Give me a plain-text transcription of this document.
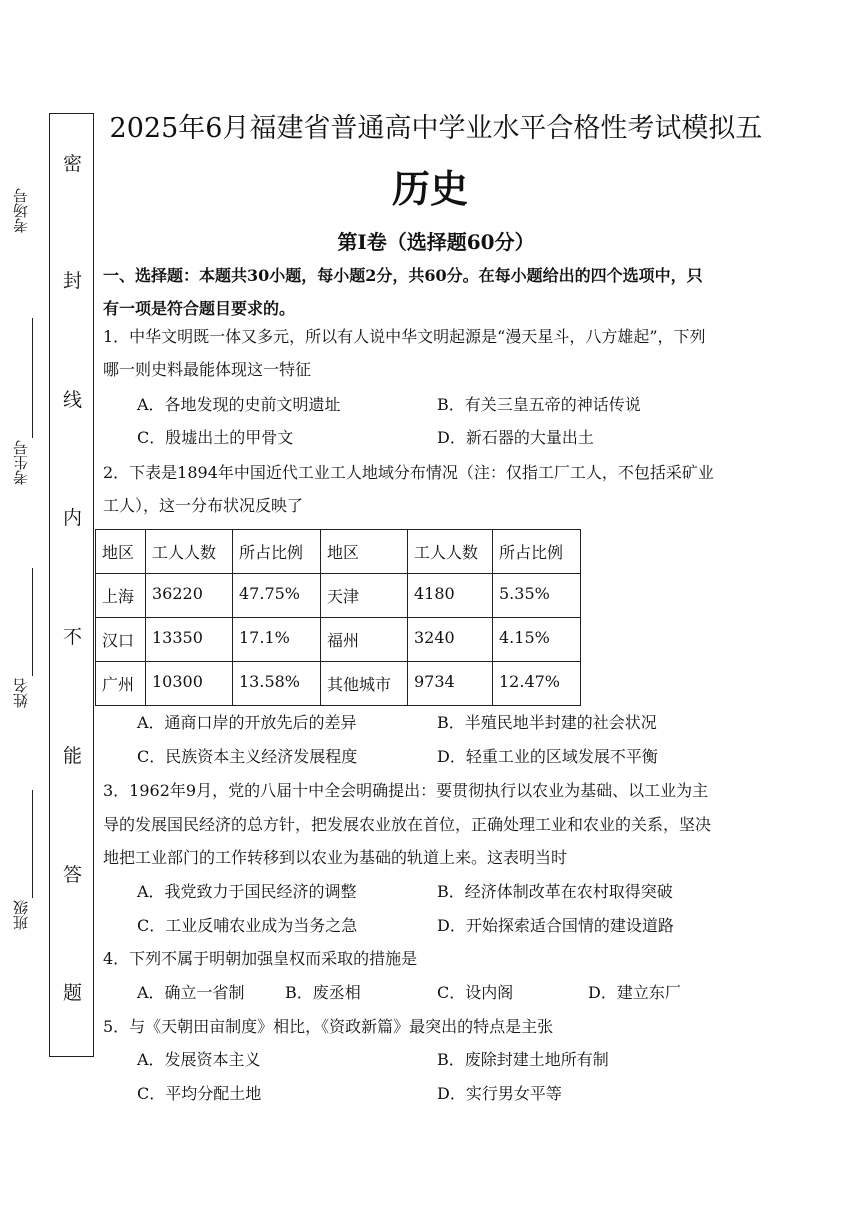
考场号
考生号
姓名
班级
密
封
线
内
不
能
答
题
2025年6月福建省普通高中学业水平合格性考试模拟五
历史
第Ⅰ卷（选择题60分）
一、选择题：本题共30小题，每小题2分，共60分。在每小题给出的四个选项中，只
有一项是符合题目要求的。
1．中华文明既一体又多元，所以有人说中华文明起源是“漫天星斗，八方雄起”，下列
哪一则史料最能体现这一特征
A．各地发现的史前文明遗址	B．有关三皇五帝的神话传说
C．殷墟出土的甲骨文	D．新石器的大量出土
2．下表是1894年中国近代工业工人地域分布情况（注：仅指工厂工人，不包括采矿业
工人），这一分布状况反映了
地区	工人人数	所占比例	地区	工人人数	所占比例
上海	36220	47.75%	天津	4180	5.35%
汉口	13350	17.1%	福州	3240	4.15%
广州	10300	13.58%	其他城市	9734	12.47%
A．通商口岸的开放先后的差异	B．半殖民地半封建的社会状况
C．民族资本主义经济发展程度	D．轻重工业的区域发展不平衡
3．1962年9月，党的八届十中全会明确提出：要贯彻执行以农业为基础、以工业为主
导的发展国民经济的总方针，把发展农业放在首位，正确处理工业和农业的关系，坚决
地把工业部门的工作转移到以农业为基础的轨道上来。这表明当时
A．我党致力于国民经济的调整	B．经济体制改革在农村取得突破
C．工业反哺农业成为当务之急	D．开始探索适合国情的建设道路
4．下列不属于明朝加强皇权而采取的措施是
A．确立一省制	B．废丞相	C．设内阁	D．建立东厂
5．与《天朝田亩制度》相比，《资政新篇》最突出的特点是主张
A．发展资本主义	B．废除封建土地所有制
C．平均分配土地	D．实行男女平等
